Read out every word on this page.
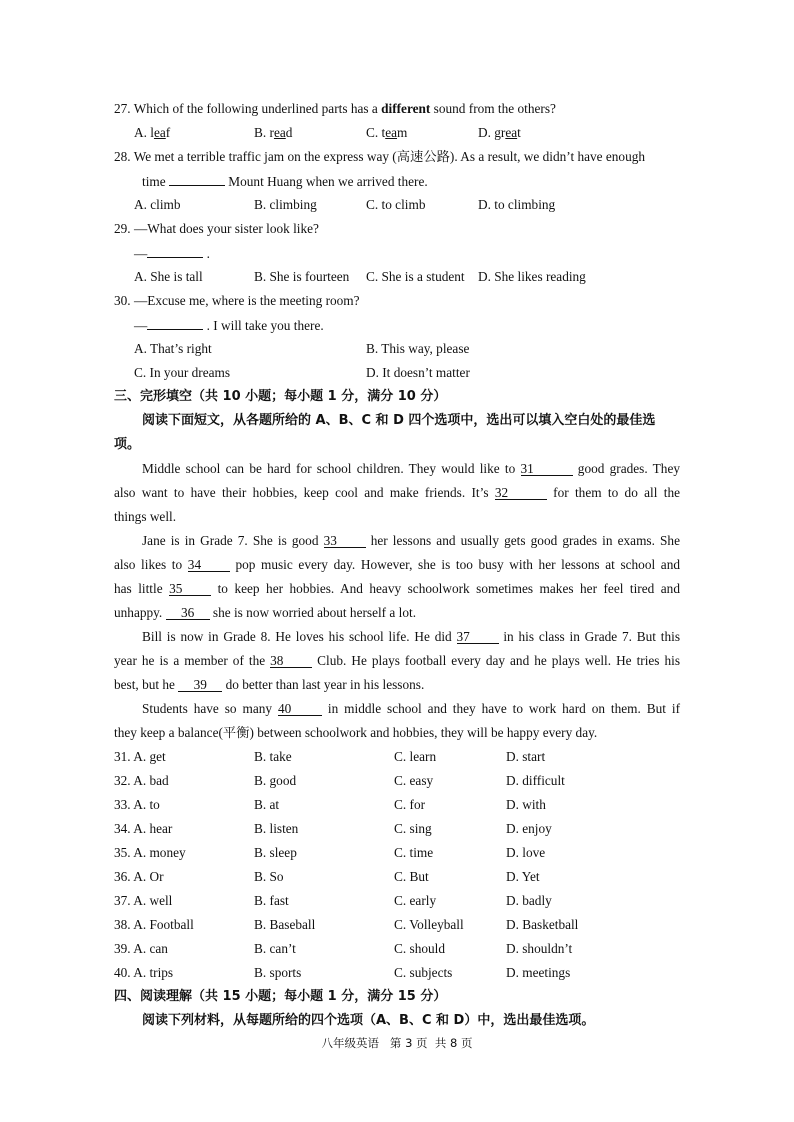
27. Which of the following underlined parts has a different sound from the others?
A. leaf	B. read	C. team	D. great
28. We met a terrible traffic jam on the express way (高速公路). As a result, we didn’t have enough
time	Mount Huang when we arrived there.
A. climb	B. climbing	C. to climb	D. to climbing
29. —What does your sister look like?
—	.
A. She is tall	B. She is fourteen C. She is a student D. She likes reading
30. —Excuse me, where is the meeting room?
—	. I will take you there.
A. That’s right	B. This way, please
C. In your dreams	D. It doesn’t matter
三、完形填空（共 10 小题；每小题 1 分，满分 10 分）
阅读下面短文，从各题所给的 A、B、C 和 D 四个选项中，选出可以填入空白处的最佳选
项。
Middle school can be hard for school children. They would like to 31	good grades. They
also want to have their hobbies, keep cool and make friends. It’s 32	for them to do all the
things well.
Jane is in Grade 7. She is good 33	her lessons and usually gets good grades in exams. She
also likes to 34	pop music every day. However, she is too busy with her lessons at school and
has little 35	to keep her hobbies. And heavy schoolwork sometimes makes her feel tired and
unhappy. 36 she is now worried about herself a lot.
Bill is now in Grade 8. He loves his school life. He did 37	in his class in Grade 7. But this
year he is a member of the 38	Club. He plays football every day and he plays well. He tries his
best, but he 39 do better than last year in his lessons.
Students have so many 40	in middle school and they have to work hard on them. But if
they keep a balance(平衡) between schoolwork and hobbies, they will be happy every day.
31. A. get	B. take	C. learn	D. start
32. A. bad	B. good	C. easy	D. difficult
33. A. to	B. at	C. for	D. with
34. A. hear	B. listen	C. sing	D. enjoy
35. A. money	B. sleep	C. time	D. love
36. A. Or	B. So	C. But	D. Yet
37. A. well	B. fast	C. early	D. badly
38. A. Football	B. Baseball	C. Volleyball	D. Basketball
39. A. can	B. can’t	C. should	D. shouldn’t
40. A. trips	B. sports	C. subjects	D. meetings
四、阅读理解（共 15 小题；每小题 1 分，满分 15 分）
阅读下列材料，从每题所给的四个选项（A、B、C 和 D）中，选出最佳选项。
八年级英语   第 3 页  共 8 页
